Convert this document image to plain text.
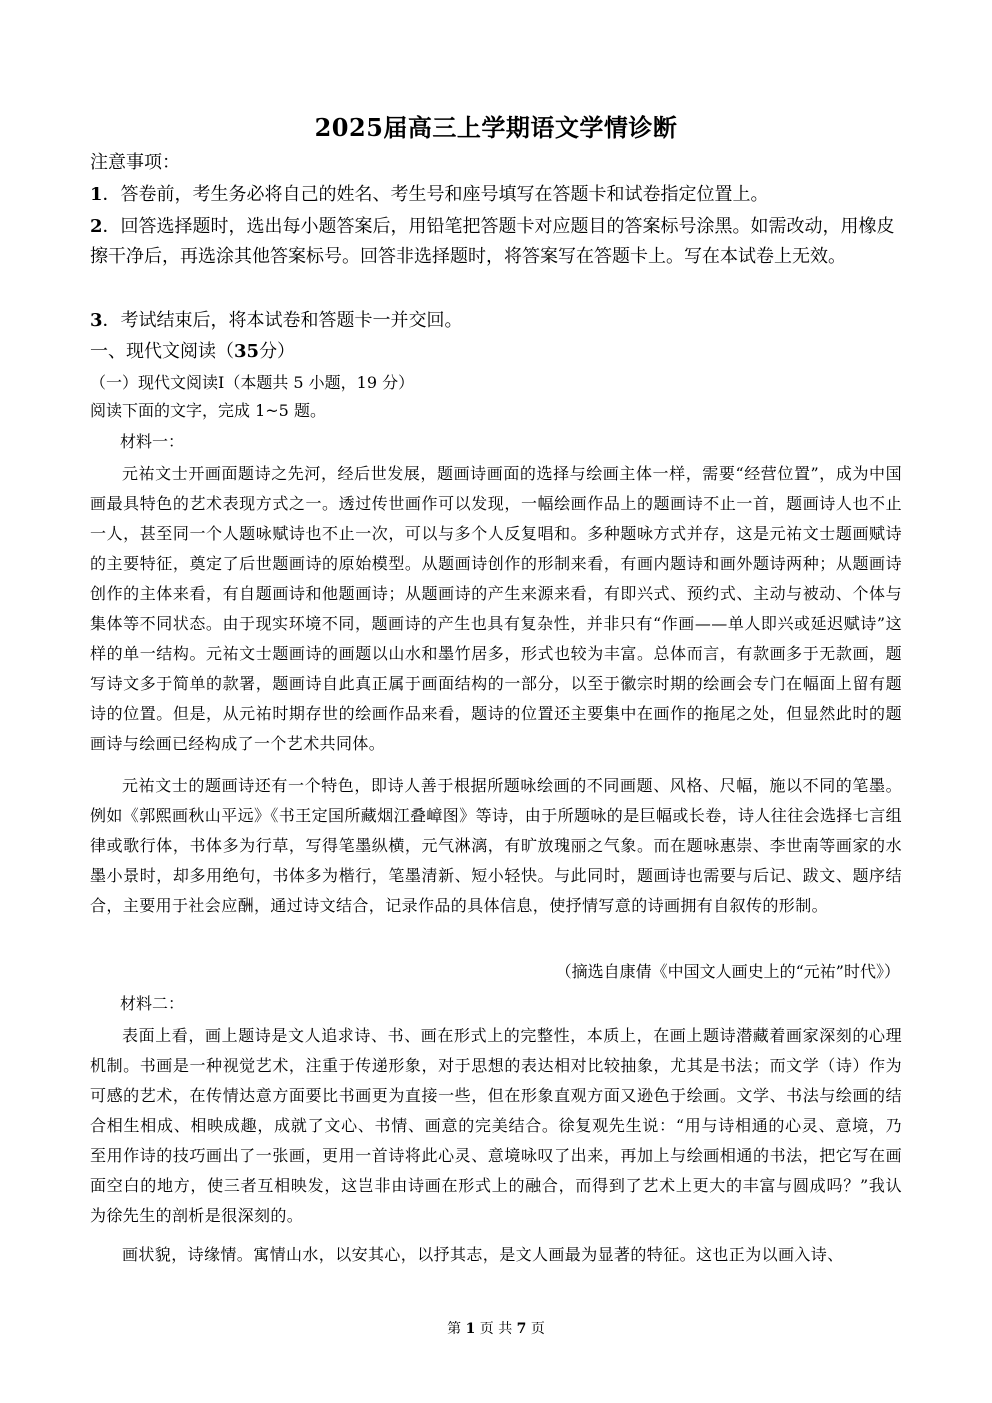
2025届高三上学期语文学情诊断
注意事项：
1．答卷前，考生务必将自己的姓名、考生号和座号填写在答题卡和试卷指定位置上。
2．回答选择题时，选出每小题答案后，用铅笔把答题卡对应题目的答案标号涂黑。如需改动，用橡皮擦干净后，再选涂其他答案标号。回答非选择题时，将答案写在答题卡上。写在本试卷上无效。
3．考试结束后，将本试卷和答题卡一并交回。
一、现代文阅读（35分）
（一）现代文阅读Ⅰ（本题共 5 小题，19 分）
阅读下面的文字，完成 1~5 题。
材料一：
元祐文士开画面题诗之先河，经后世发展，题画诗画面的选择与绘画主体一样，需要“经营位置”，成为中国画最具特色的艺术表现方式之一。透过传世画作可以发现，一幅绘画作品上的题画诗不止一首，题画诗人也不止一人，甚至同一个人题咏赋诗也不止一次，可以与多个人反复唱和。多种题咏方式并存，这是元祐文士题画赋诗的主要特征，奠定了后世题画诗的原始模型。从题画诗创作的形制来看，有画内题诗和画外题诗两种；从题画诗创作的主体来看，有自题画诗和他题画诗；从题画诗的产生来源来看，有即兴式、预约式、主动与被动、个体与集体等不同状态。由于现实环境不同，题画诗的产生也具有复杂性，并非只有“作画——单人即兴或延迟赋诗”这样的单一结构。元祐文士题画诗的画题以山水和墨竹居多，形式也较为丰富。总体而言，有款画多于无款画，题写诗文多于简单的款署，题画诗自此真正属于画面结构的一部分，以至于徽宗时期的绘画会专门在幅面上留有题诗的位置。但是，从元祐时期存世的绘画作品来看，题诗的位置还主要集中在画作的拖尾之处，但显然此时的题画诗与绘画已经构成了一个艺术共同体。
元祐文士的题画诗还有一个特色，即诗人善于根据所题咏绘画的不同画题、风格、尺幅，施以不同的笔墨。例如《郭熙画秋山平远》《书王定国所藏烟江叠嶂图》等诗，由于所题咏的是巨幅或长卷，诗人往往会选择七言组律或歌行体，书体多为行草，写得笔墨纵横，元气淋漓，有旷放瑰丽之气象。而在题咏惠崇、李世南等画家的水墨小景时，却多用绝句，书体多为楷行，笔墨清新、短小轻快。与此同时，题画诗也需要与后记、跋文、题序结合，主要用于社会应酬，通过诗文结合，记录作品的具体信息，使抒情写意的诗画拥有自叙传的形制。
（摘选自康倩《中国文人画史上的“元祐”时代》）
材料二：
表面上看，画上题诗是文人追求诗、书、画在形式上的完整性，本质上，在画上题诗潜藏着画家深刻的心理机制。书画是一种视觉艺术，注重于传递形象，对于思想的表达相对比较抽象，尤其是书法；而文学（诗）作为可感的艺术，在传情达意方面要比书画更为直接一些，但在形象直观方面又逊色于绘画。文学、书法与绘画的结合相生相成、相映成趣，成就了文心、书情、画意的完美结合。徐复观先生说：“用与诗相通的心灵、意境，乃至用作诗的技巧画出了一张画，更用一首诗将此心灵、意境咏叹了出来，再加上与绘画相通的书法，把它写在画面空白的地方，使三者互相映发，这岂非由诗画在形式上的融合，而得到了艺术上更大的丰富与圆成吗？”我认为徐先生的剖析是很深刻的。
画状貌，诗缘情。寓情山水，以安其心，以抒其志，是文人画最为显著的特征。这也正为以画入诗、
第 1 页 共 7 页
